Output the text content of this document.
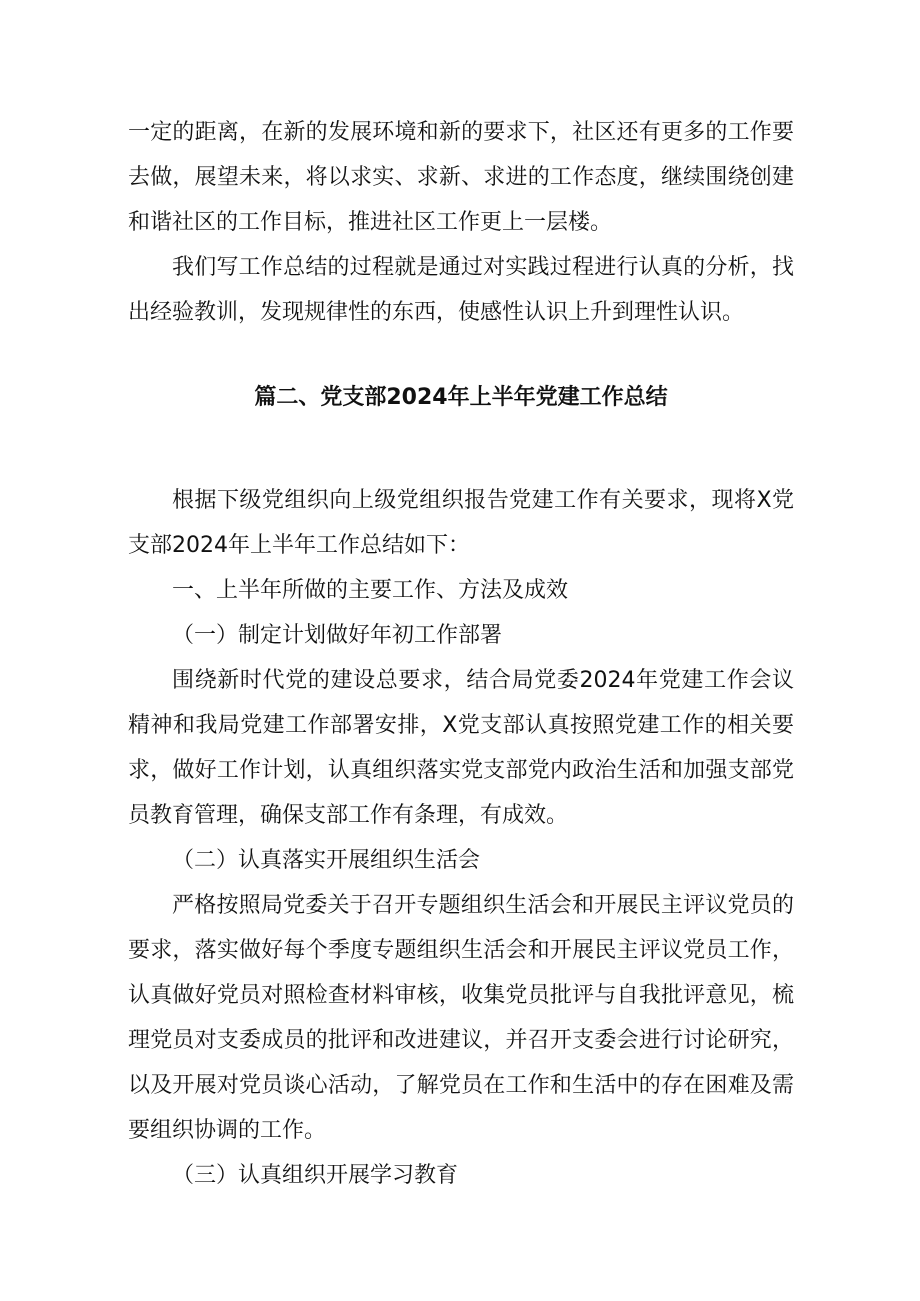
一定的距离，在新的发展环境和新的要求下，社区还有更多的工作要去做，展望未来，将以求实、求新、求进的工作态度，继续围绕创建和谐社区的工作目标，推进社区工作更上一层楼。

我们写工作总结的过程就是通过对实践过程进行认真的分析，找出经验教训，发现规律性的东西，使感性认识上升到理性认识。

篇二、党支部2024年上半年党建工作总结

根据下级党组织向上级党组织报告党建工作有关要求，现将X党支部2024年上半年工作总结如下：

一、上半年所做的主要工作、方法及成效

（一）制定计划做好年初工作部署

围绕新时代党的建设总要求，结合局党委2024年党建工作会议精神和我局党建工作部署安排，X党支部认真按照党建工作的相关要求，做好工作计划，认真组织落实党支部党内政治生活和加强支部党员教育管理，确保支部工作有条理，有成效。

（二）认真落实开展组织生活会

严格按照局党委关于召开专题组织生活会和开展民主评议党员的要求，落实做好每个季度专题组织生活会和开展民主评议党员工作，认真做好党员对照检查材料审核，收集党员批评与自我批评意见，梳理党员对支委成员的批评和改进建议，并召开支委会进行讨论研究，以及开展对党员谈心活动，了解党员在工作和生活中的存在困难及需要组织协调的工作。

（三）认真组织开展学习教育
